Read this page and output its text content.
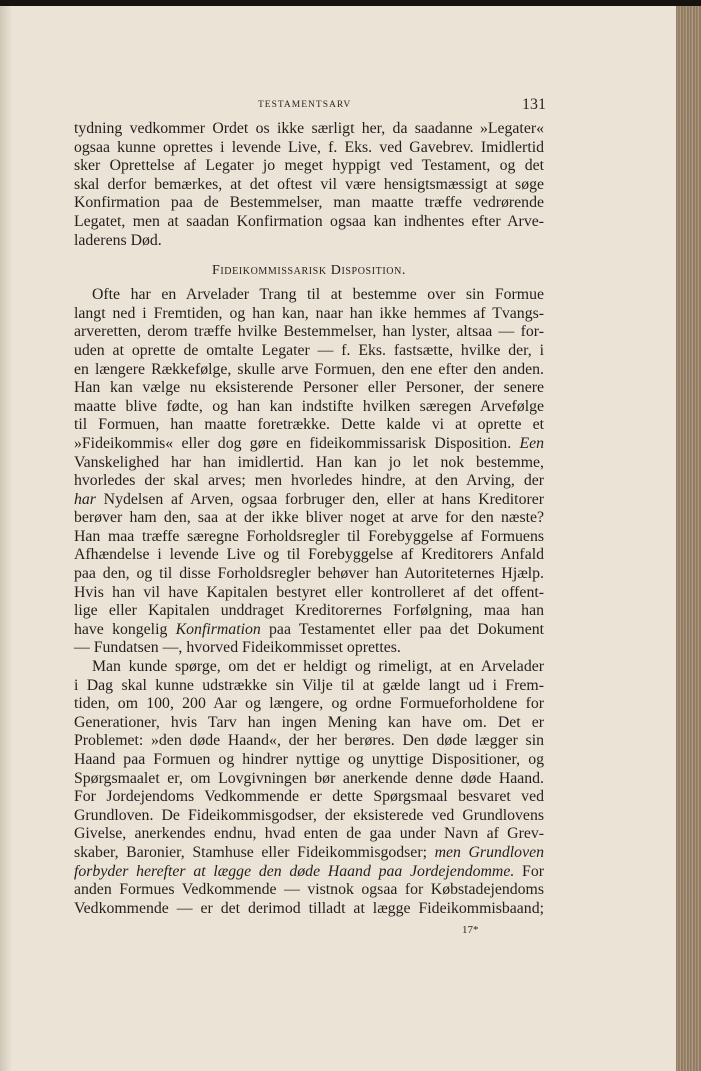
TESTAMENTSARV	131
tydning vedkommer Ordet os ikke særligt her, da saadanne »Legater«
ogsaa kunne oprettes i levende Live, f. Eks. ved Gavebrev. Imidlertid
sker Oprettelse af Legater jo meget hyppigt ved Testament, og det
skal derfor bemærkes, at det oftest vil være hensigtsmæssigt at søge
Konfirmation paa de Bestemmelser, man maatte træffe vedrørende
Legatet, men at saadan Konfirmation ogsaa kan indhentes efter Arve-
laderens Død.
Fideikommissarisk Disposition.
Ofte har en Arvelader Trang til at bestemme over sin Formue
langt ned i Fremtiden, og han kan, naar han ikke hemmes af Tvangs-
arveretten, derom træffe hvilke Bestemmelser, han lyster, altsaa — for-
uden at oprette de omtalte Legater — f. Eks. fastsætte, hvilke der, i
en længere Rækkefølge, skulle arve Formuen, den ene efter den anden.
Han kan vælge nu eksisterende Personer eller Personer, der senere
maatte blive fødte, og han kan indstifte hvilken særegen Arvefølge
til Formuen, han maatte foretrække. Dette kalde vi at oprette et
»Fideikommis« eller dog gøre en fideikommissarisk Disposition. Een
Vanskelighed har han imidlertid. Han kan jo let nok bestemme,
hvorledes der skal arves; men hvorledes hindre, at den Arving, der
har Nydelsen af Arven, ogsaa forbruger den, eller at hans Kreditorer
berøver ham den, saa at der ikke bliver noget at arve for den næste?
Han maa træffe særegne Forholdsregler til Forebyggelse af Formuens
Afhændelse i levende Live og til Forebyggelse af Kreditorers Anfald
paa den, og til disse Forholdsregler behøver han Autoriteternes Hjælp.
Hvis han vil have Kapitalen bestyret eller kontrolleret af det offent-
lige eller Kapitalen unddraget Kreditorernes Forfølgning, maa han
have kongelig Konfirmation paa Testamentet eller paa det Dokument
— Fundatsen —, hvorved Fideikommisset oprettes.
Man kunde spørge, om det er heldigt og rimeligt, at en Arvelader
i Dag skal kunne udstrække sin Vilje til at gælde langt ud i Frem-
tiden, om 100, 200 Aar og længere, og ordne Formueforholdene for
Generationer, hvis Tarv han ingen Mening kan have om. Det er
Problemet: »den døde Haand«, der her berøres. Den døde lægger sin
Haand paa Formuen og hindrer nyttige og unyttige Dispositioner, og
Spørgsmaalet er, om Lovgivningen bør anerkende denne døde Haand.
For Jordejendoms Vedkommende er dette Spørgsmaal besvaret ved
Grundloven. De Fideikommisgodser, der eksisterede ved Grundlovens
Givelse, anerkendes endnu, hvad enten de gaa under Navn af Grev-
skaber, Baronier, Stamhuse eller Fideikommisgodser; men Grundloven
forbyder herefter at lægge den døde Haand paa Jordejendomme. For
anden Formues Vedkommende — vistnok ogsaa for Købstadejendoms
Vedkommende — er det derimod tilladt at lægge Fideikommisbaand;
17*
